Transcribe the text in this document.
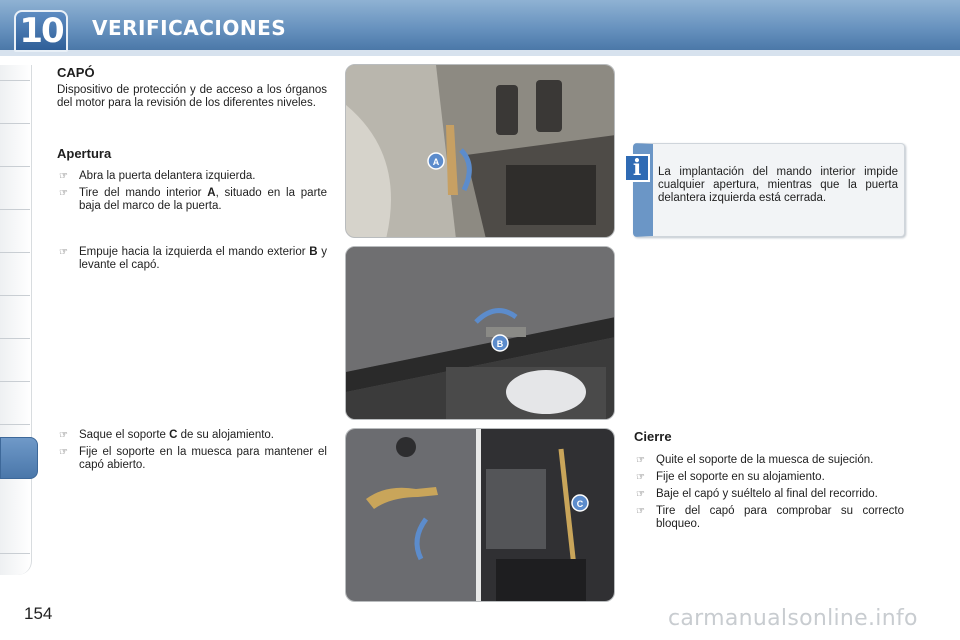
10 VERIFICACIONES
CAPÓ
Dispositivo de protección y de acceso a los órganos del motor para la revisión de los diferentes niveles.
Apertura
☞ Abra la puerta delantera izquierda.
☞ Tire del mando interior A, situado en la parte baja del marco de la puerta.
☞ Empuje hacia la izquierda el mando exterior B y levante el capó.
☞ Saque el soporte C de su alojamiento.
☞ Fije el soporte en la muesca para mantener el capó abierto.
A
B
C
i	La implantación del mando interior impide cualquier apertura, mientras que la puerta delantera izquierda está cerrada.
Cierre
☞ Quite el soporte de la muesca de sujeción.
☞ Fije el soporte en su alojamiento.
☞ Baje el capó y suéltelo al final del recorrido.
☞ Tire del capó para comprobar su correcto bloqueo.
154	carmanualsonline.info
